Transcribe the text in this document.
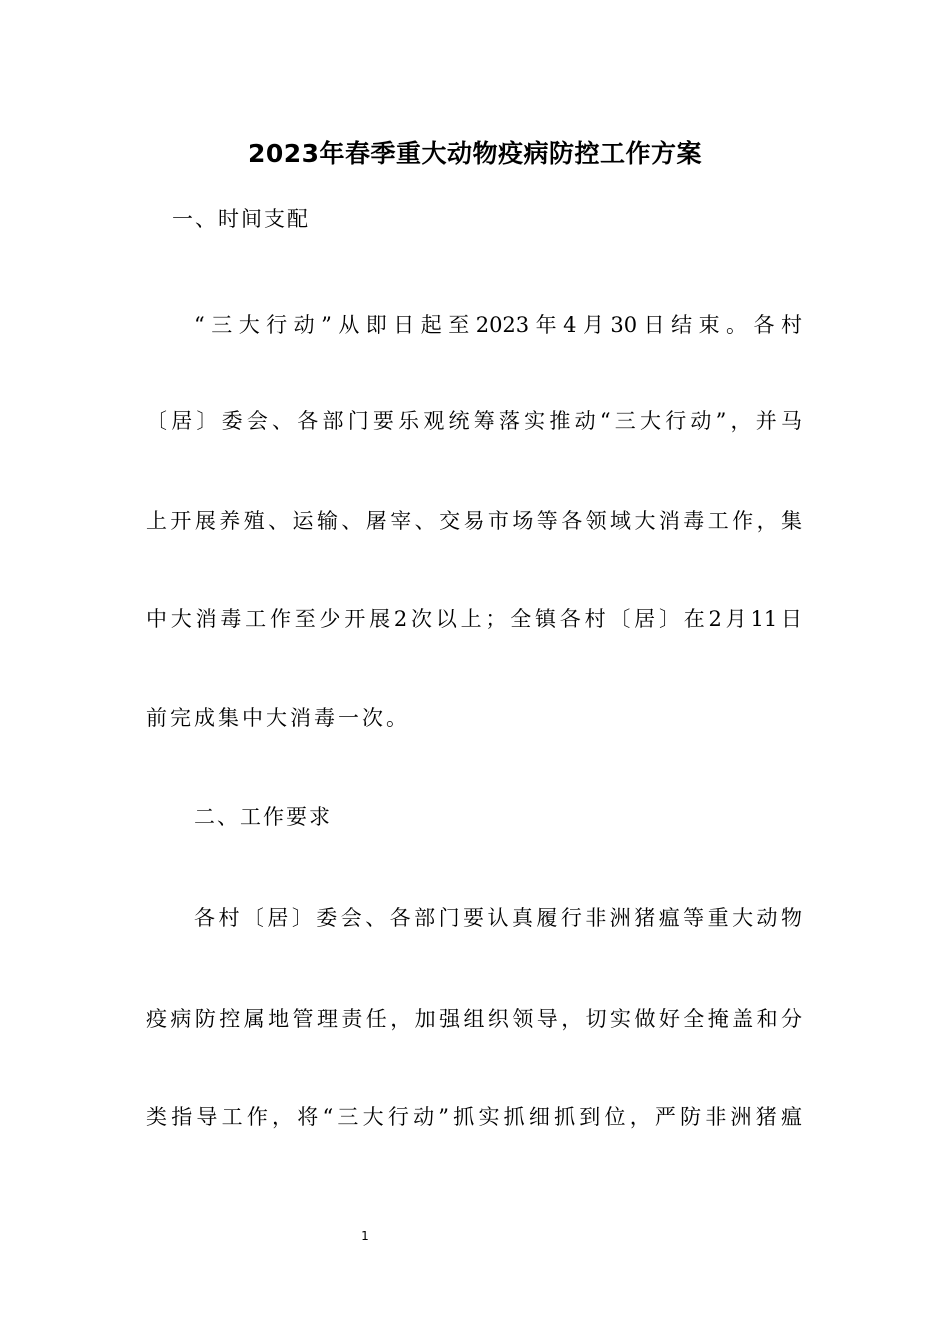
2023年春季重大动物疫病防控工作方案
一、时间支配
“三大行动”从即日起至2023年4月30日结束。各村
〔居〕委会、各部门要乐观统筹落实推动“三大行动”，并马
上开展养殖、运输、屠宰、交易市场等各领域大消毒工作，集
中大消毒工作至少开展2次以上；全镇各村〔居〕在2月11日
前完成集中大消毒一次。
二、工作要求
各村〔居〕委会、各部门要认真履行非洲猪瘟等重大动物
疫病防控属地管理责任，加强组织领导，切实做好全掩盖和分
类指导工作，将“三大行动”抓实抓细抓到位，严防非洲猪瘟
1
